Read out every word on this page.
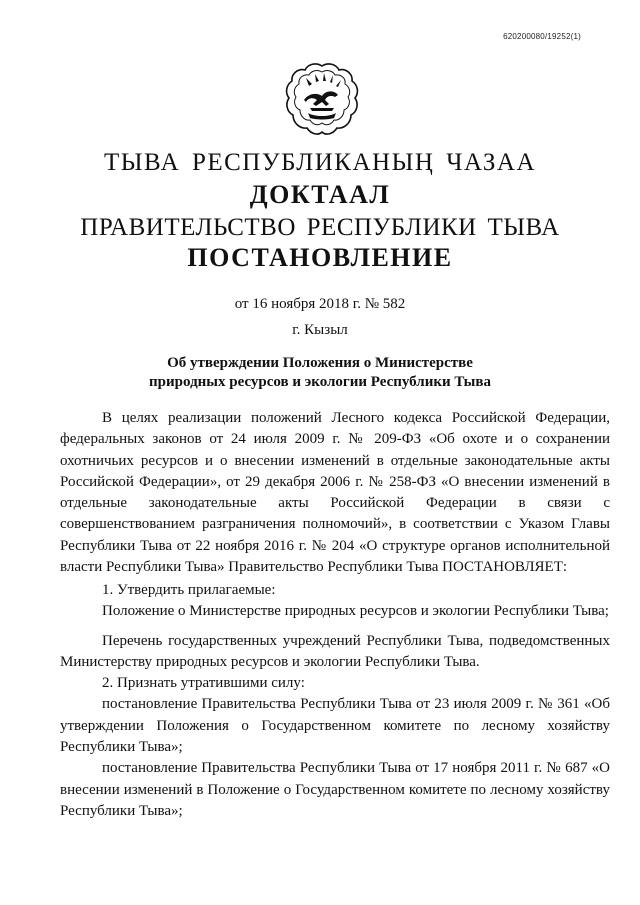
620200080/19252(1)
ТЫВА РЕСПУБЛИКАНЫҢ ЧАЗАА
ДОКТААЛ
ПРАВИТЕЛЬСТВО РЕСПУБЛИКИ ТЫВА
ПОСТАНОВЛЕНИЕ
от 16 ноября 2018 г. № 582
г. Кызыл
Об утверждении Положения о Министерстве
природных ресурсов и экологии Республики Тыва

В целях реализации положений Лесного кодекса Российской Федерации, федеральных законов от 24 июля 2009 г. № 209-ФЗ «Об охоте и о сохранении охотничьих ресурсов и о внесении изменений в отдельные законодательные акты Российской Федерации», от 29 декабря 2006 г. № 258-ФЗ «О внесении изменений в отдельные законодательные акты Российской Федерации в связи с совершенствованием разграничения полномочий», в соответствии с Указом Главы Республики Тыва от 22 ноября 2016 г. № 204 «О структуре органов исполнительной власти Республики Тыва» Правительство Республики Тыва ПОСТАНОВЛЯЕТ:

1. Утвердить прилагаемые:

Положение о Министерстве природных ресурсов и экологии Республики Тыва;

Перечень государственных учреждений Республики Тыва, подведомственных Министерству природных ресурсов и экологии Республики Тыва.

2. Признать утратившими силу:

постановление Правительства Республики Тыва от 23 июля 2009 г. № 361 «Об утверждении Положения о Государственном комитете по лесному хозяйству Республики Тыва»;

постановление Правительства Республики Тыва от 17 ноября 2011 г. № 687 «О внесении изменений в Положение о Государственном комитете по лесному хозяйству Республики Тыва»;
